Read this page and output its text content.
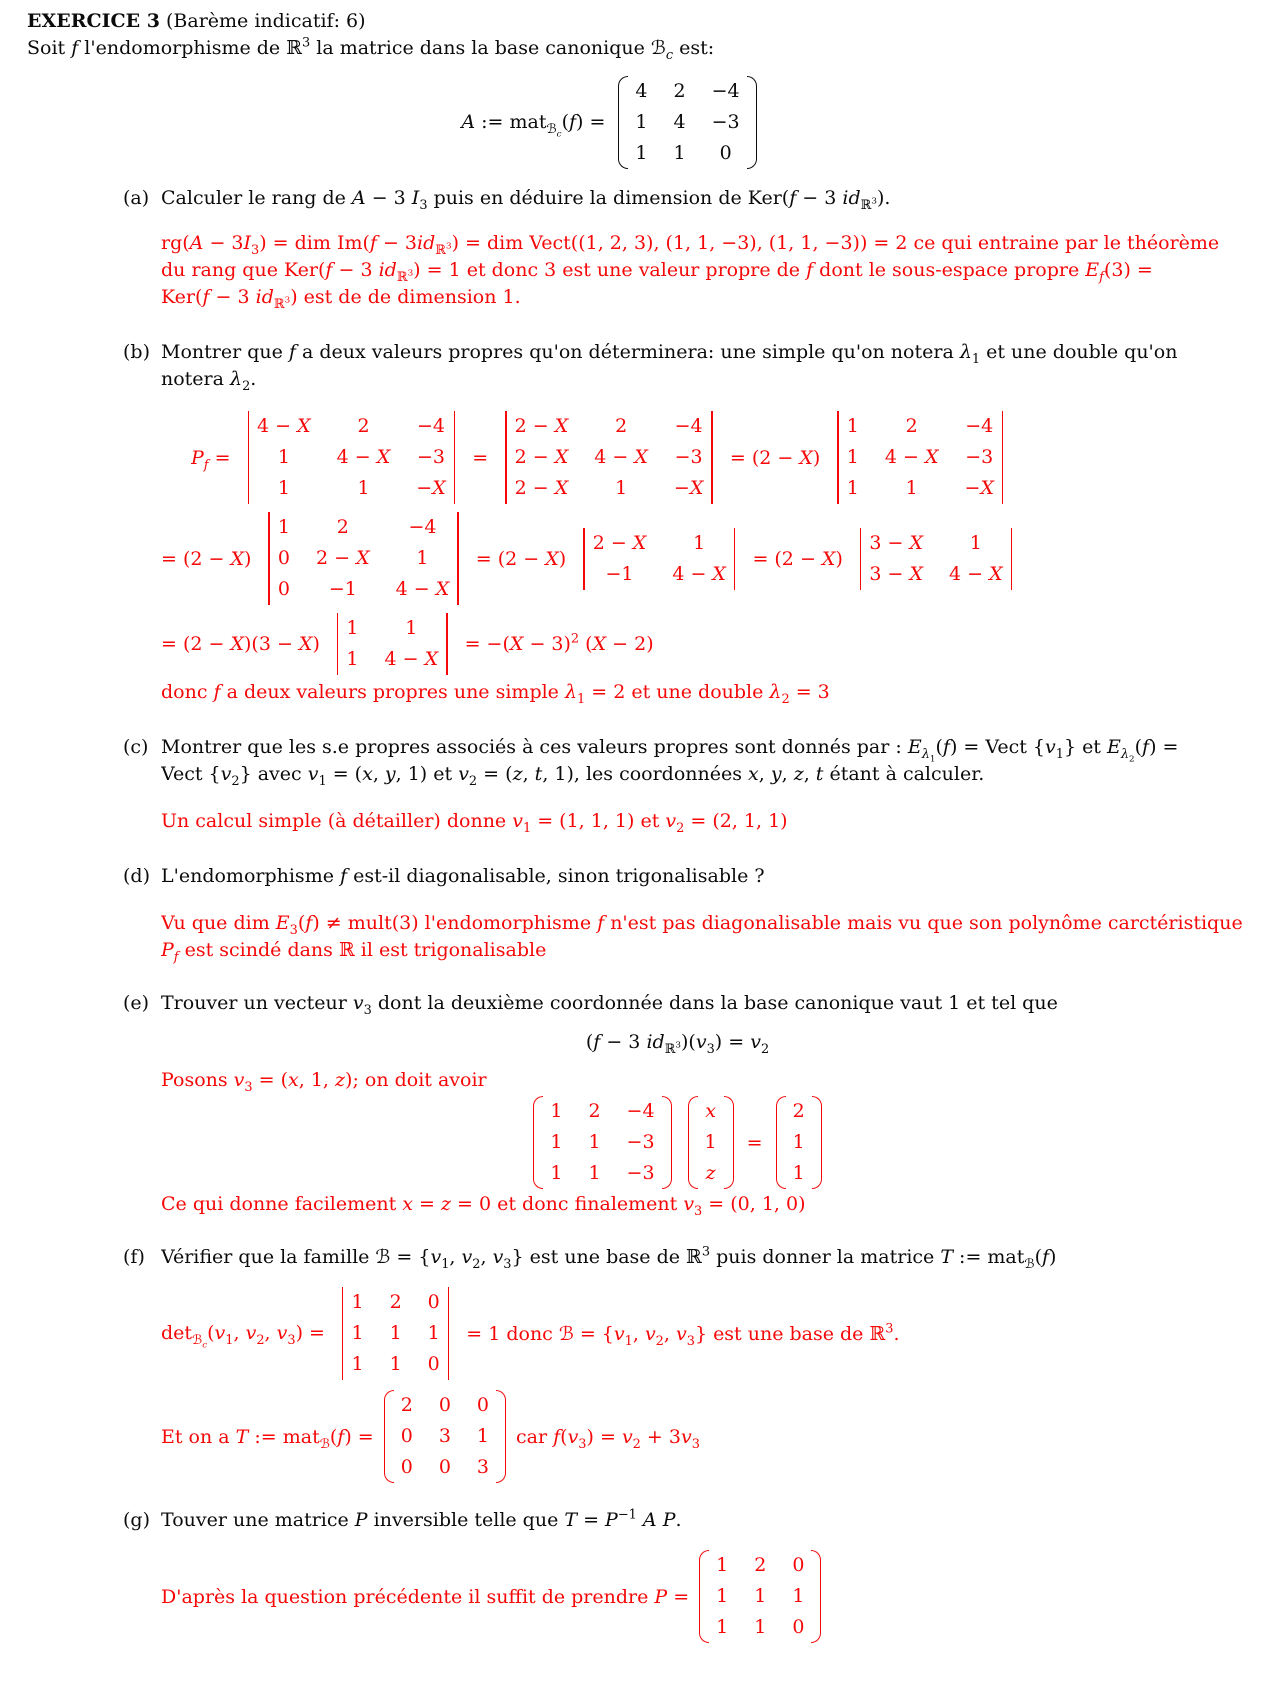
EXERCICE 3 (Barème indicatif: 6)
Soit f l'endomorphisme de ℝ$^3$ la matrice dans la base canonique ℬ$_c$ est:
A := mat$_{ℬ_c}$(f) =
4 2 −4
1 4 −3
1 1 0
(a) Calculer le rang de A − 3 $I_3$ puis en déduire la dimension de Ker(f − 3 $id_{ℝ^3}$).
$rg(A - 3I_3)$ = dim $Im(f - 3id_{ℝ^3})$ = dim Vect((1, 2, 3), (1, 1, −3), (1, 1, −3)) = 2 ce qui entraine par le théorème
du rang que Ker(f − 3 $id_{ℝ^3}) = 1$ et donc 3 est une valeur propre de f dont le sous-espace propre $E_f(3)$ =
Ker(f − 3 $id_{ℝ^3}$) est de de dimension 1.
(b) Montrer que f a deux valeurs propres qu'on déterminera: une simple qu'on notera $\lambda_1$ et une double qu'on
notera $\lambda_2$.
$P_f$ =
4 − X 2 −4
1 4 − X −3
1	1 −X
=
2 − X 2 −4
2 − X 4 − X −3
2 − X 1 −X
= (2 − X)
1 2 −4
1 4 − X −3
1 1 −X
= (2 − X)
1 2	−4
0 2 − X 1
0 −1 4 − X
= (2 − X)
2 − X 1
−1 4 − X
= (2 − X)
3 − X 1
3 − X 4 − X
= (2 − X)(3 − X)
1 1
1 4 − X
= $-(X - 3)^2$ (X − 2)
donc f a deux valeurs propres une simple $\lambda_1 = 2$ et une double $\lambda_2 = 3$
(c) Montrer que les s.e propres associés à ces valeurs propres sont donnés par : $E_{\lambda_1}(f)$ = Vect $\{v_1\}$ et $E_{\lambda_2}(f)$ =
Vect $\{v_2\}$ avec $v_1 = (x$, y, 1) et $v_2 = (z$, t, 1), les coordonnées x, y, z, t étant à calculer.
Un calcul simple (à détailler) donne $v_1 = (1$, 1, 1) et $v_2 = (2$, 1, 1)
(d) L'endomorphisme f est-il diagonalisable, sinon trigonalisable ?
Vu que dim $E_3(f)$ ≠ mult(3) l'endomorphisme f n'est pas diagonalisable mais vu que son polynôme carctéristique
$P_f$ est scindé dans ℝ il est trigonalisable
(e) Trouver un vecteur $v_3$ dont la deuxième coordonnée dans la base canonique vaut 1 et tel que
(f − 3 $id_{ℝ^3})(v_3) = v_2$
Posons $v_3 = (x$, 1, z); on doit avoir
1 2 −4
1 1 −3
1 1 −3
x
1
z
=
2
1
1
Ce qui donne facilement x = z = 0 et donc finalement $v_3 = (0$, 1, 0)
(f) Vérifier que la famille ℬ = {$v_1$, $v_2$, $v_3$} est une base de ℝ$^3$ puis donner la matrice T := mat$_ℬ$(f)
$\det_{ℬ_c}(v_1$, $v_2$, $v_3$) =
1 2 0
1 1 1
1 1 0
= 1 donc ℬ = {$v_1$, $v_2$, $v_3$} est une base de ℝ$^3$.
Et on a T := mat$_ℬ$(f) =
2 0 0
0 3 1
0 0 3
car $f(v_3) = v_2 + 3v_3$
(g) Touver une matrice P inversible telle que $T = P^{-1}$ A P.
D'après la question précédente il suffit de prendre P =
1 2 0
1 1 1
1 1 0
